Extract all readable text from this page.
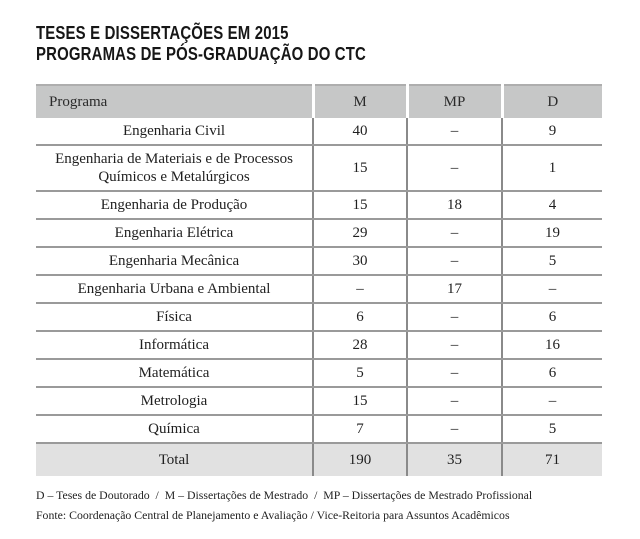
TESES E DISSERTAÇÕES EM 2015
PROGRAMAS DE PÓS-GRADUAÇÃO DO CTC
Programa	M	MP	D
Engenharia Civil	40	–	9
Engenharia de Materiais e de Processos Químicos e Metalúrgicos	15	–	1
Engenharia de Produção	15	18	4
Engenharia Elétrica	29	–	19
Engenharia Mecânica	30	–	5
Engenharia Urbana e Ambiental	–	17	–
Física	6	–	6
Informática	28	–	16
Matemática	5	–	6
Metrologia	15	–	–
Química	7	–	5
Total	190	35	71
D – Teses de Doutorado  /  M – Dissertações de Mestrado  /  MP – Dissertações de Mestrado Profissional
Fonte: Coordenação Central de Planejamento e Avaliação / Vice-Reitoria para Assuntos Acadêmicos
